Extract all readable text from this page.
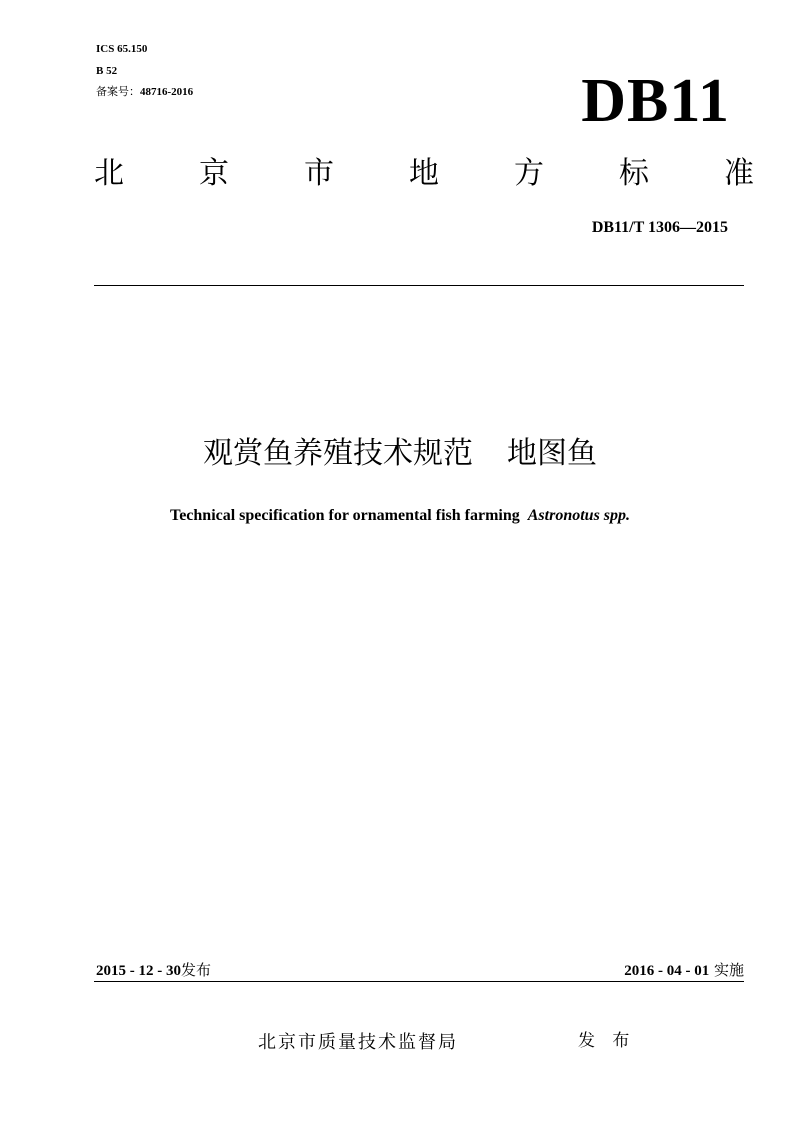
ICS 65.150
B 52
备案号：48716-2016	DB11
北	京	市	地	方	标	准
DB11/T 1306—2015
观赏鱼养殖技术规范 地图鱼
Technical specification for ornamental fish farming Astronotus spp.
2015 - 12 - 30发布	2016 - 04 - 01 实施
北京市质量技术监督局	发 布
